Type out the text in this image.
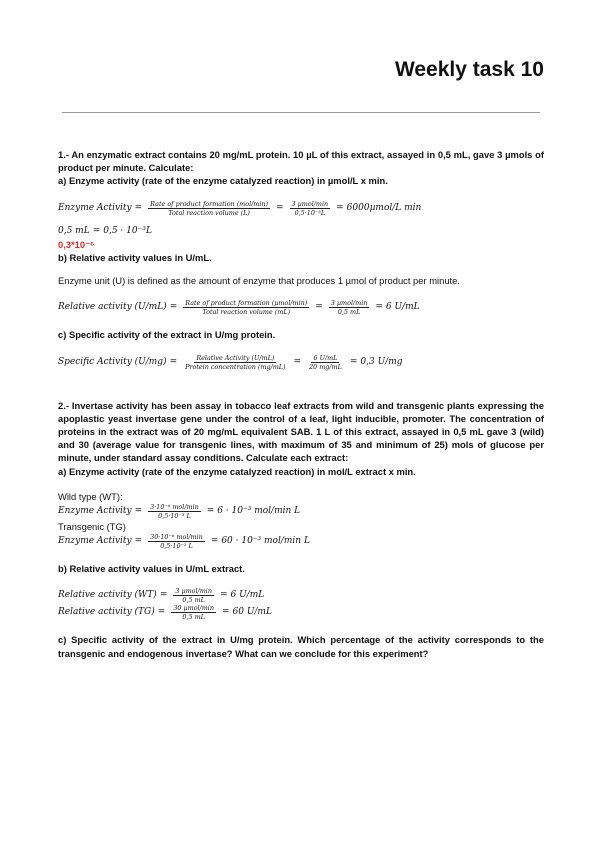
Weekly task 10

1.- An enzymatic extract contains 20 mg/mL protein. 10 µL of this extract, assayed in 0,5 mL, gave 3 µmols of product per minute. Calculate:

a) Enzyme activity (rate of the enzyme catalyzed reaction) in µmol/L x min.

Enzyme Activity = $\frac{\text{Rate of product formation (mol/min)}}{\text{Total reaction volume (L)}} = \frac{\text{3 µmol/min}}{\text{0,5·10⁻³L}} = 6000\mu mol/L$ min
0,5 mL = 0,5 · 10⁻³L
0,3*10⁻⁶

b) Relative activity values in U/mL.

Enzyme unit (U) is defined as the amount of enzyme that produces 1 µmol of product per minute.

Relative activity $(U/mL) = \frac{\text{Rate of product formation (µmol/min)}}{\text{Total reaction volume (mL)}} = \frac{\text{3 µmol/min}}{0,5 mL} = 6$ U/mL

c) Specific activity of the extract in U/mg protein.

Specific Activity $(U/mg) = \frac{\text{Relative Activity (U/mL)}}{\text{Protein concentration (mg/mL)}} = \frac{6 U/mL}{20 mg/mL} = 0,3$ U/mg

2.- Invertase activity has been assay in tobacco leaf extracts from wild and transgenic plants expressing the apoplastic yeast invertase gene under the control of a leaf, light inducible, promoter. The concentration of proteins in the extract was of 20 mg/mL equivalent SAB. 1 L of this extract, assayed in 0,5 mL gave 3 (wild) and 30 (average value for transgenic lines, with maximum of 35 and minimum of 25) mols of glucose per minute, under standard assay conditions. Calculate each extract:

a) Enzyme activity (rate of the enzyme catalyzed reaction) in mol/L extract x min.

Wild type (WT):

Enzyme Activity = $\frac{\text{3·10⁻⁶ mol/min}}{\text{0,5·10⁻³ L}} = 6 \cdot 10^{-3}$ mol/min L

Transgenic (TG)

Enzyme Activity = $\frac{\text{30·10⁻⁶ mol/min}}{\text{0,5·10⁻³ L}} = 60 \cdot 10^{-3}$ mol/min L

b) Relative activity values in U/mL extract.

Relative activity $(WT) = \frac{\text{3 µmol/min}}{0,5 mL} = 6$ U/mL
Relative activity $(TG) = \frac{\text{30 µmol/min}}{0,5 mL} = 60$ U/mL

c) Specific activity of the extract in U/mg protein. Which percentage of the activity corresponds to the transgenic and endogenous invertase? What can we conclude for this experiment?
